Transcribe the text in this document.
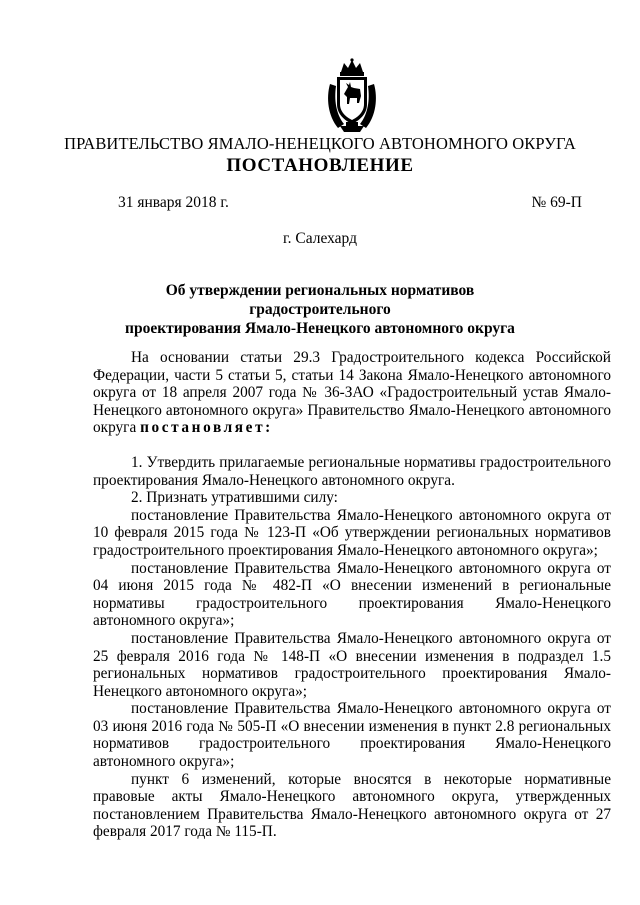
ПРАВИТЕЛЬСТВО ЯМАЛО-НЕНЕЦКОГО АВТОНОМНОГО ОКРУГА
ПОСТАНОВЛЕНИЕ
31 января 2018 г.	№ 69-П
г. Салехард
Об утверждении региональных нормативов градостроительного
проектирования Ямало-Ненецкого автономного округа

На основании статьи 29.3 Градостроительного кодекса Российской Федерации, части 5 статьи 5, статьи 14 Закона Ямало-Ненецкого автономного округа от 18 апреля 2007 года № 36-ЗАО «Градостроительный устав Ямало-Ненецкого автономного округа» Правительство Ямало-Ненецкого автономного округа постановляет:

1. Утвердить прилагаемые региональные нормативы градостроительного проектирования Ямало-Ненецкого автономного округа.

2. Признать утратившими силу:

постановление Правительства Ямало-Ненецкого автономного округа от 10 февраля 2015 года № 123-П «Об утверждении региональных нормативов градостроительного проектирования Ямало-Ненецкого автономного округа»;

постановление Правительства Ямало-Ненецкого автономного округа от 04 июня 2015 года № 482-П «О внесении изменений в региональные нормативы градостроительного проектирования Ямало-Ненецкого автономного округа»;

постановление Правительства Ямало-Ненецкого автономного округа от 25 февраля 2016 года № 148-П «О внесении изменения в подраздел 1.5 региональных нормативов градостроительного проектирования Ямало-Ненецкого автономного округа»;

постановление Правительства Ямало-Ненецкого автономного округа от 03 июня 2016 года № 505-П «О внесении изменения в пункт 2.8 региональных нормативов градостроительного проектирования Ямало-Ненецкого автономного округа»;

пункт 6 изменений, которые вносятся в некоторые нормативные правовые акты Ямало-Ненецкого автономного округа, утвержденных постановлением Правительства Ямало-Ненецкого автономного округа от 27 февраля 2017 года № 115-П.
